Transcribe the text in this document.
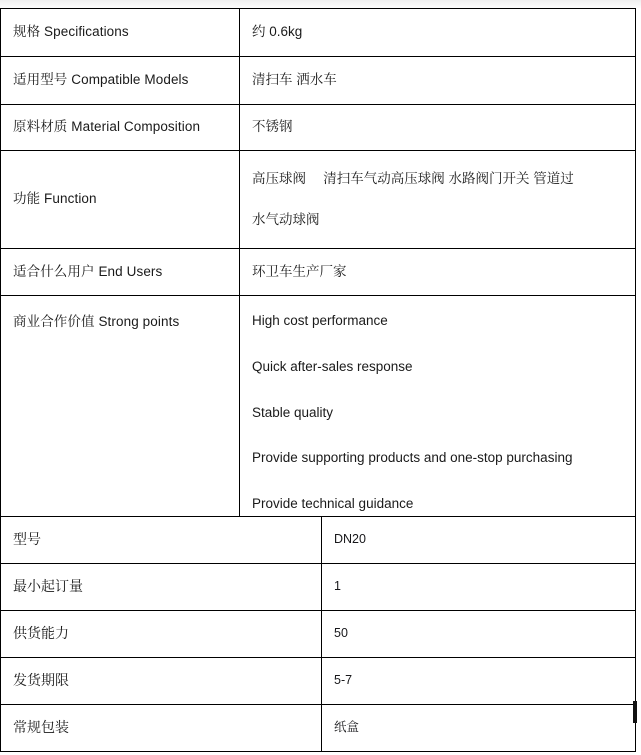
规格 Specifications	约 0.6kg
适用型号 Compatible Models	清扫车 洒水车
原料材质 Material Composition	不锈钢
功能 Function	高压球阀　 清扫车气动高压球阀 水路阀门开关 管道过
水气动球阀

适合什么用户 End Users	环卫车生产厂家
商业合作价值 Strong points	High cost performance
Quick after-sales response
Stable quality
Provide supporting products and one-stop purchasing
Provide technical guidance
型号	DN20
最小起订量	1
供货能力	50
发货期限	5-7
常规包装	纸盒
